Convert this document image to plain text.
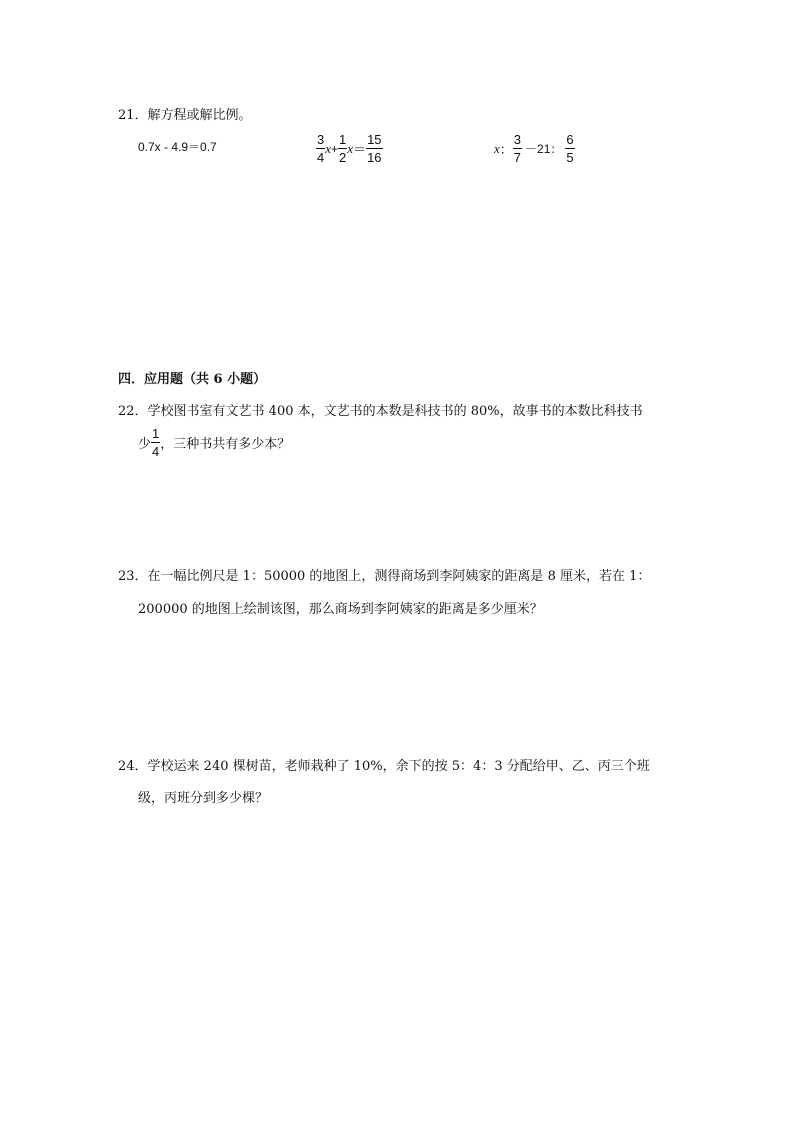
21．解方程或解比例。
0.7x - 4.9＝0.7	$\frac{3}{4}$ $x + \frac{1}{2}$ $x = \frac{15}{16}$	x ： $\frac{3}{7} -21$： $\frac{6}{5}$
四．应用题（共 6 小题）
22．学校图书室有文艺书 400 本，文艺书的本数是科技书的 80%，故事书的本数比科技书
少 $\frac{1}{4}$ ，三种书共有多少本？
23．在一幅比例尺是 1：50000 的地图上，测得商场到李阿姨家的距离是 8 厘米，若在 1：
200000 的地图上绘制该图，那么商场到李阿姨家的距离是多少厘米？
24．学校运来 240 棵树苗，老师栽种了 10%，余下的按 5：4：3 分配给甲、乙、丙三个班
级，丙班分到多少棵？
